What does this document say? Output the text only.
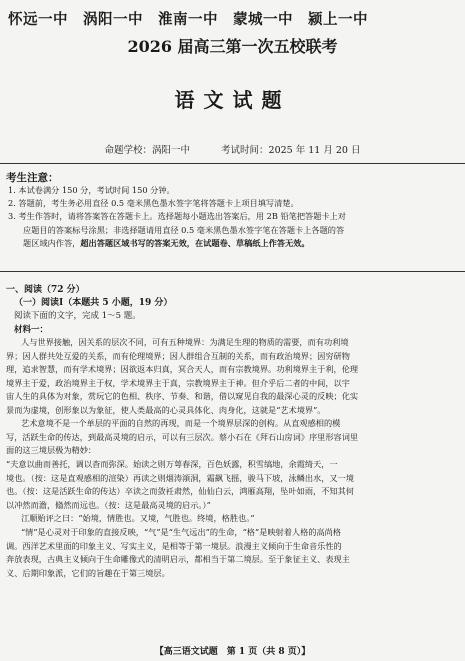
怀远一中　涡阳一中　淮南一中　蒙城一中　颍上一中
2026 届高三第一次五校联考
语文试题
命题学校：涡阳一中	考试时间：2025 年 11 月 20 日
考生注意：
1. 本试卷满分 150 分，考试时间 150 分钟。
2. 答题前，考生务必用直径 0.5 毫米黑色墨水签字笔将答题卡上项目填写清楚。
3. 考生作答时，请将答案答在答题卡上。选择题每小题选出答案后，用 2B 铅笔把答题卡上对
应题目的答案标号涂黑；非选择题请用直径 0.5 毫米黑色墨水签字笔在答题卡上各题的答
题区域内作答，超出答题区域书写的答案无效，在试题卷、草稿纸上作答无效。
一、阅读（72 分）
（一）阅读Ⅰ（本题共 5 小题，19 分）
阅读下面的文字，完成 1～5 题。
材料一：
人与世界接触，因关系的层次不同，可有五种境界：为满足生理的物质的需要，而有功利境
界；因人群共处互爱的关系，而有伦理境界；因人群组合互制的关系，而有政治境界；因穷研物
理，追求智慧，而有学术境界；因欲返本归真，冥合天人，而有宗教境界。功利境界主于利，伦理
境界主于爱，政治境界主于权，学术境界主于真，宗教境界主于神。但介乎后二者的中间，以宇
宙人生的具体为对象，赏玩它的色相、秩序、节奏、和谐，借以窥见自我的最深心灵的反映；化实
景而为虚境，创形象以为象征，使人类最高的心灵具体化、肉身化，这就是“艺术境界”。
艺术意境不是一个单层的平面的自然的再现，而是一个境界层深的创构。从直观感相的模
写，活跃生命的传达，到最高灵境的启示，可以有三层次。蔡小石在《拜石山房词》序里形容词里
面的这三境层极为精妙：
“夫意以曲而善托，调以杳而弥深。始读之则万萼春深，百色妖露，积雪缟地，余霞绮天，一
境也。（按：这是直观感相的渲染）再读之则烟涛澒洞，霜飙飞摇，骏马下坡，泳鳞出水，又一境
也。（按：这是活跃生命的传达）卒读之而敛衽肃然，仙仙白云，鸿雁高翔，坠叶如雨，不知其何
以冲然而澹，翛然而远也。（按：这是最高灵境的启示。）”
江顺贻评之曰：“始境，情胜也。又境，气胜也。终境，格胜也。”
“情”是心灵对于印象的直接反映，“气”是“生气远出”的生命，“格”是映射着人格的高尚格
调。西洋艺术里面的印象主义、写实主义，是相等于第一境层。浪漫主义倾向于生命音乐性的
奔放表现，古典主义倾向于生命雕像式的清明启示，都相当于第二境层。至于象征主义、表现主
义、后期印象派，它们的旨趣在于第三境层。
【高三语文试题　第 1 页（共 8 页）】
